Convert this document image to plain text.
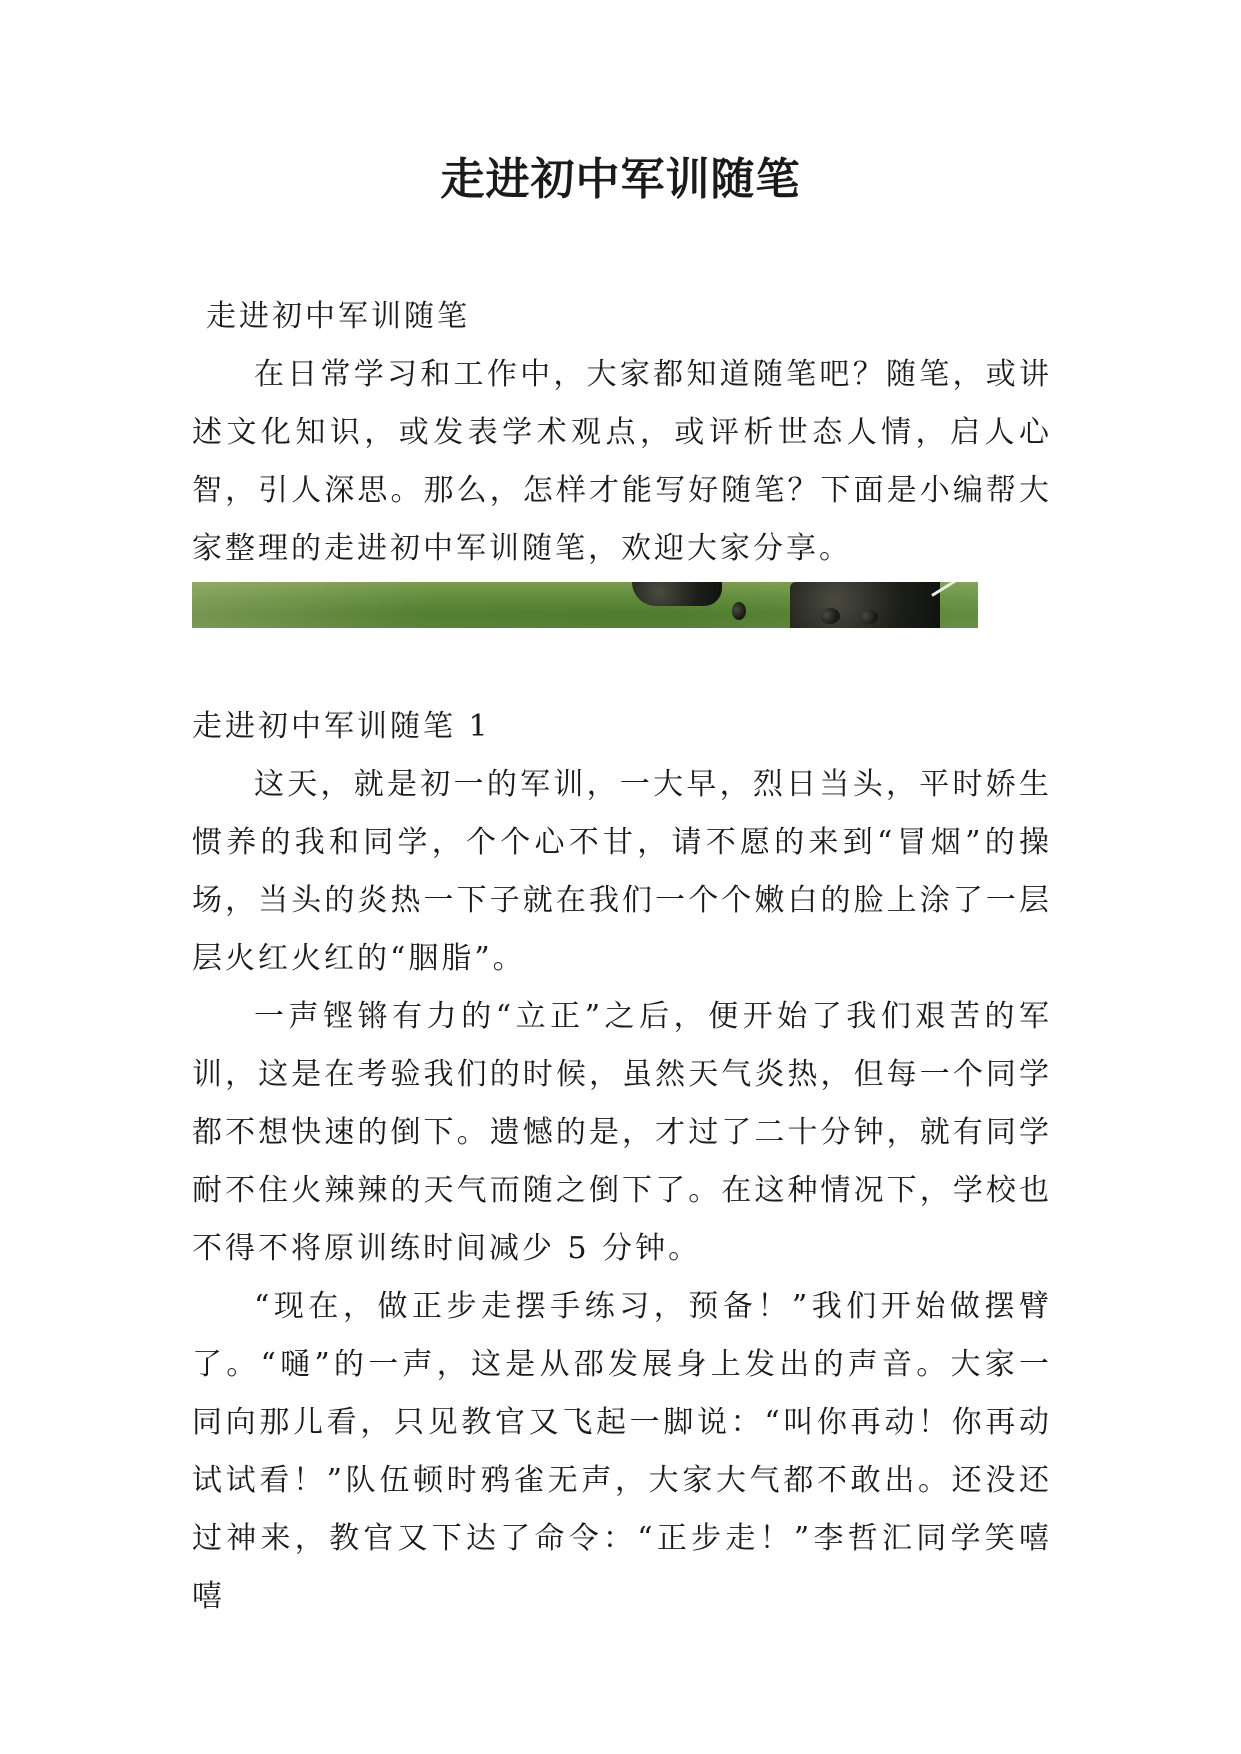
走进初中军训随笔

走进初中军训随笔

在日常学习和工作中，大家都知道随笔吧？随笔，或讲述文化知识，或发表学术观点，或评析世态人情，启人心智，引人深思。那么，怎样才能写好随笔？下面是小编帮大家整理的走进初中军训随笔，欢迎大家分享。

走进初中军训随笔 1

这天，就是初一的军训，一大早，烈日当头，平时娇生惯养的我和同学，个个心不甘，请不愿的来到“冒烟”的操场，当头的炎热一下子就在我们一个个嫩白的脸上涂了一层层火红火红的“胭脂”。

一声铿锵有力的“立正”之后，便开始了我们艰苦的军训，这是在考验我们的时候，虽然天气炎热，但每一个同学都不想快速的倒下。遗憾的是，才过了二十分钟，就有同学耐不住火辣辣的天气而随之倒下了。在这种情况下，学校也不得不将原训练时间减少 5 分钟。

“现在，做正步走摆手练习，预备！”我们开始做摆臂了。“嗵”的一声，这是从邵发展身上发出的声音。大家一同向那儿看，只见教官又飞起一脚说：“叫你再动！你再动试试看！”队伍顿时鸦雀无声，大家大气都不敢出。还没还过神来，教官又下达了命令：“正步走！”李哲汇同学笑嘻嘻
